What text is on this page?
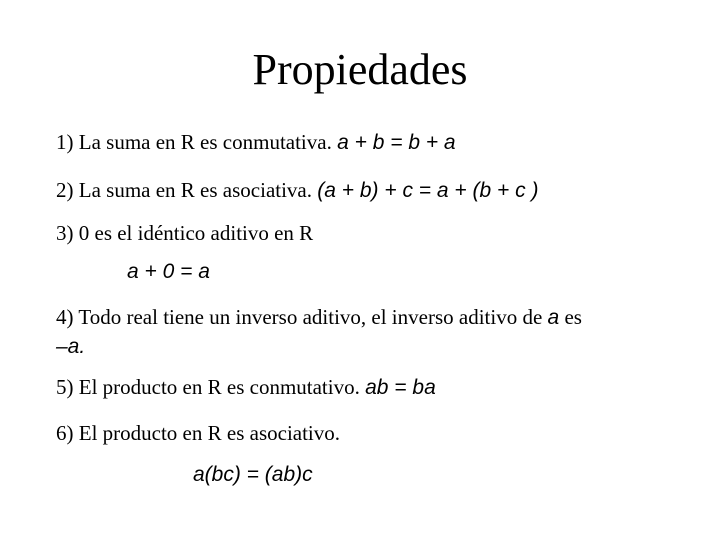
Propiedades
1) La suma en R es conmutativa. a + b = b + a
2) La suma en R es asociativa. (a + b) + c = a + (b + c )
3) 0 es el idéntico aditivo en R
a + 0 = a
4) Todo real tiene un inverso aditivo, el inverso aditivo de a es
–a.
5) El producto en R es conmutativo. ab = ba
6) El producto en R es asociativo.
a(bc) = (ab)c
